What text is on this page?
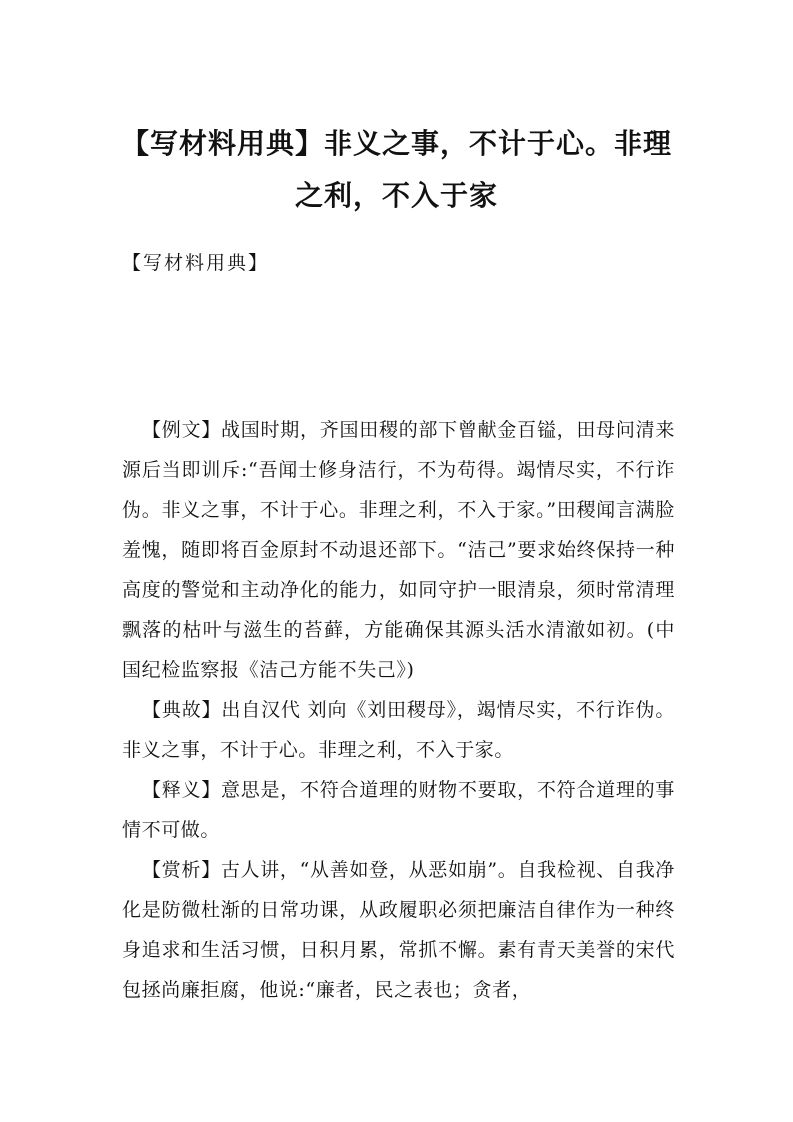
【写材料用典】非义之事，不计于心。非理之利，不入于家

【写材料用典】

【例文】战国时期，齐国田稷的部下曾献金百镒，田母问清来源后当即训斥:“吾闻士修身洁行，不为苟得。竭情尽实，不行诈伪。非义之事，不计于心。非理之利，不入于家。”田稷闻言满脸羞愧，随即将百金原封不动退还部下。“洁己”要求始终保持一种高度的警觉和主动净化的能力，如同守护一眼清泉，须时常清理飘落的枯叶与滋生的苔藓，方能确保其源头活水清澈如初。(中国纪检监察报《洁己方能不失己》)

【典故】出自汉代 刘向《刘田稷母》，竭情尽实，不行诈伪。非义之事，不计于心。非理之利，不入于家。

【释义】意思是，不符合道理的财物不要取，不符合道理的事情不可做。

【赏析】古人讲，“从善如登，从恶如崩”。自我检视、自我净化是防微杜渐的日常功课，从政履职必须把廉洁自律作为一种终身追求和生活习惯，日积月累，常抓不懈。素有青天美誉的宋代包拯尚廉拒腐，他说:“廉者，民之表也；贪者，
